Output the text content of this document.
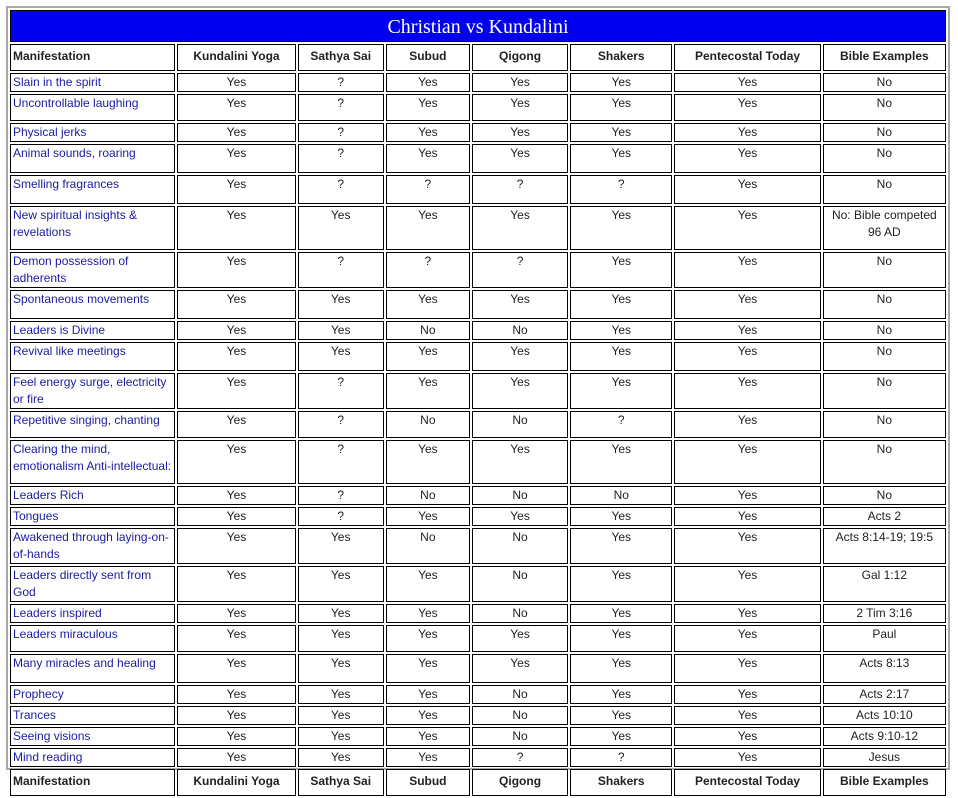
Christian vs Kundalini							
Manifestation	Kundalini Yoga	Sathya Sai	Subud	Qigong	Shakers	Pentecostal Today	Bible Examples
Slain in the spirit	Yes	?	Yes	Yes	Yes	Yes	No
Uncontrollable laughing	Yes	?	Yes	Yes	Yes	Yes	No
Physical jerks	Yes	?	Yes	Yes	Yes	Yes	No
Animal sounds, roaring	Yes	?	Yes	Yes	Yes	Yes	No
Smelling fragrances	Yes	?	?	?	?	Yes	No
New spiritual insights & revelations	Yes	Yes	Yes	Yes	Yes	Yes	No: Bible competed 96 AD
Demon possession of adherents	Yes	?	?	?	Yes	Yes	No
Spontaneous movements	Yes	Yes	Yes	Yes	Yes	Yes	No
Leaders is Divine	Yes	Yes	No	No	Yes	Yes	No
Revival like meetings	Yes	Yes	Yes	Yes	Yes	Yes	No
Feel energy surge, electricity or fire	Yes	?	Yes	Yes	Yes	Yes	No
Repetitive singing, chanting	Yes	?	No	No	?	Yes	No
Clearing the mind, emotionalism Anti-intellectual:	Yes	?	Yes	Yes	Yes	Yes	No
Leaders Rich	Yes	?	No	No	No	Yes	No
Tongues	Yes	?	Yes	Yes	Yes	Yes	Acts 2
Awakened through laying-on-of-hands	Yes	Yes	No	No	Yes	Yes	Acts 8:14-19; 19:5
Leaders directly sent from God	Yes	Yes	Yes	No	Yes	Yes	Gal 1:12
Leaders inspired	Yes	Yes	Yes	No	Yes	Yes	2 Tim 3:16
Leaders miraculous	Yes	Yes	Yes	Yes	Yes	Yes	Paul
Many miracles and healing	Yes	Yes	Yes	Yes	Yes	Yes	Acts 8:13
Prophecy	Yes	Yes	Yes	No	Yes	Yes	Acts 2:17
Trances	Yes	Yes	Yes	No	Yes	Yes	Acts 10:10
Seeing visions	Yes	Yes	Yes	No	Yes	Yes	Acts 9:10-12
Mind reading	Yes	Yes	Yes	?	?	Yes	Jesus
Manifestation	Kundalini Yoga	Sathya Sai	Subud	Qigong	Shakers	Pentecostal Today	Bible Examples
